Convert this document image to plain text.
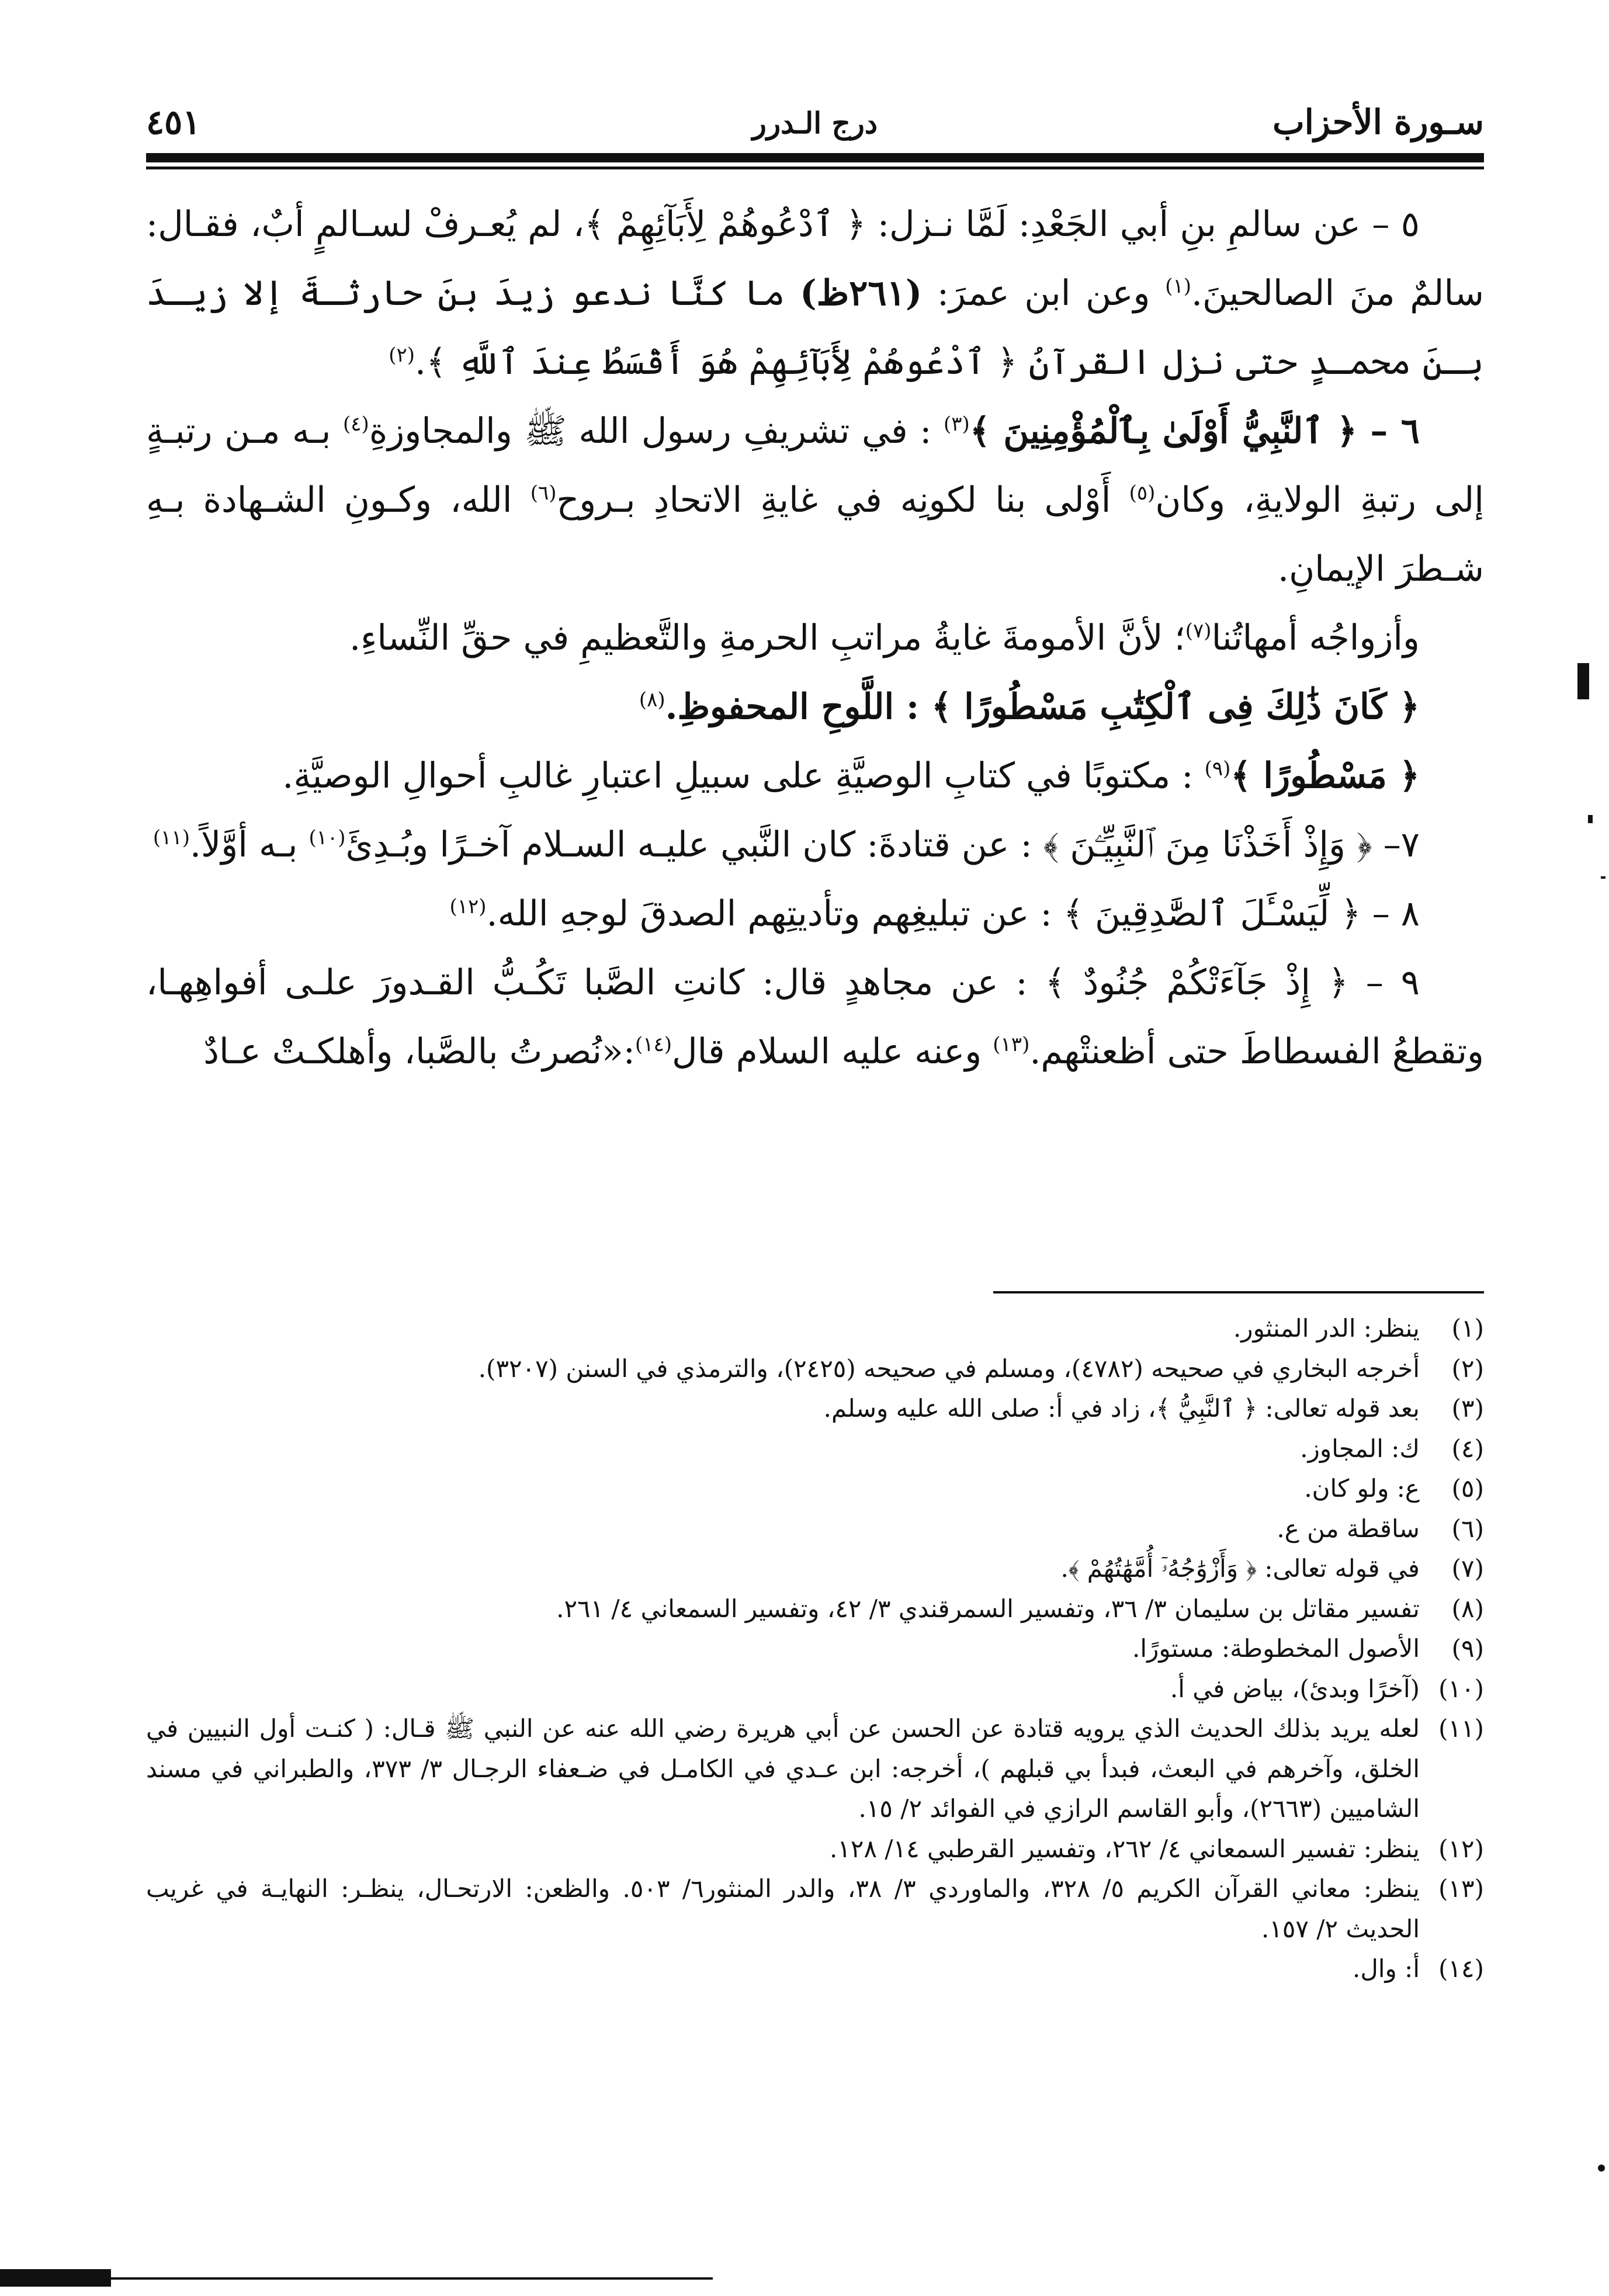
سـورة الأحزاب
درج الـدرر
٤٥١

٥ – عن سالمِ بنِ أبي الجَعْدِ: لَمَّا نـزل: ﴿ ٱدْعُوهُمْ لِأَبَآئِهِمْ ﴾، لم يُعـرفْ لسـالمٍ أبٌ، فقـال: سالمٌ منَ الصالحينَ.$^{(١)}$ وعن ابن عمرَ: (٢٦١ظ) ما كنَّا ندعو زيدَ بنَ حارثـةَ إلا زيـدَ بـنَ محمـدٍ حتى نزل القرآنُ ﴿ ٱدْعُوهُمْ لِأَبَآئِهِمْ هُوَ أَقْسَطُ عِندَ ٱللَّهِ ﴾.$^{(٢)}$

٦ – ﴿ ٱلنَّبِيُّ أَوْلَىٰ بِٱلْمُؤْمِنِينَ ﴾$^{(٣)}$ : في تشريفِ رسول الله ﷺ والمجاوزةِ$^{(٤)}$ بـه مـن رتبـةٍ إلى رتبةِ الولايةِ، وكان$^{(٥)}$ أَوْلى بنا لكونِه في غايةِ الاتحادِ بـروح$^{(٦)}$ الله، وكـونِ الشـهادة بـهِ شـطرَ الإيمانِ.

وأزواجُه أمهاتُنا$^{(٧)}$؛ لأنَّ الأمومةَ غايةُ مراتبِ الحرمةِ والتَّعظيمِ في حقِّ النِّساءِ.

﴿ كَانَ ذَٰلِكَ فِى ٱلْكِتَٰبِ مَسْطُورًا ﴾ : اللَّوحِ المحفوظِ.$^{(٨)}$

﴿ مَسْطُورًا ﴾$^{(٩)}$ : مكتوبًا في كتابِ الوصيَّةِ على سبيلِ اعتبارِ غالبِ أحوالِ الوصيَّةِ.

٧– ﴿ وَإِذْ أَخَذْنَا مِنَ ٱلنَّبِيِّـۧنَ ﴾ : عن قتادةَ: كان النَّبي عليـه السـلام آخـرًا وبُـدِئَ$^{(١٠)}$ بـه أوَّلاً.$^{(١١)}$

٨ – ﴿ لِّيَسْـَٔلَ ٱلصَّٰدِقِينَ ﴾ : عن تبليغِهم وتأديتِهم الصدقَ لوجهِ الله.$^{(١٢)}$

٩ – ﴿ إِذْ جَآءَتْكُمْ جُنُودٌ ﴾ : عن مجاهدٍ قال: كانتِ الصَّبا تَكُـبُّ القـدورَ علـى أفواهِهـا، وتقطعُ الفسطاطَ حتى أظعنتْهم.$^{(١٣)}$ وعنه عليه السلام قال$^{(١٤)}$:«نُصرتُ بالصَّبا، وأهلكـتْ عـادٌ

(١)ينظر: الدر المنثور.

(٢)أخرجه البخاري في صحيحه (٤٧٨٢)، ومسلم في صحيحه (٢٤٢٥)، والترمذي في السنن (٣٢٠٧).

(٣)بعد قوله تعالى: ﴿ ٱلنَّبِيُّ ﴾، زاد في أ: صلى الله عليه وسلم.

(٤)ك: المجاوز.

(٥)ع: ولو كان.

(٦)ساقطة من ع.

(٧)في قوله تعالى: ﴿ وَأَزْوَٰجُهُۥٓ أُمَّهَٰتُهُمْ ﴾.

(٨)تفسير مقاتل بن سليمان ٣/ ٣٦، وتفسير السمرقندي ٣/ ٤٢، وتفسير السمعاني ٤/ ٢٦١.

(٩)الأصول المخطوطة: مستورًا.

(١٠)(آخرًا وبدئ)، بياض في أ.

(١١)لعله يريد بذلك الحديث الذي يرويه قتادة عن الحسن عن أبي هريرة رضي الله عنه عن النبي ﷺ قـال: ( كنـت أول النبيين في الخلق، وآخرهم في البعث، فبدأ بي قبلهم )، أخرجه: ابن عـدي في الكامـل في ضـعفاء الرجـال ٣/ ٣٧٣، والطبراني في مسند الشاميين (٢٦٦٣)، وأبو القاسم الرازي في الفوائد ٢/ ١٥.

(١٢)ينظر: تفسير السمعاني ٤/ ٢٦٢، وتفسير القرطبي ١٤/ ١٢٨.

(١٣)ينظر: معاني القرآن الكريم ٥/ ٣٢٨، والماوردي ٣/ ٣٨، والدر المنثور٦/ ٥٠٣. والظعن: الارتحـال، ينظـر: النهايـة في غريب الحديث ٢/ ١٥٧.

(١٤)أ: وال.
